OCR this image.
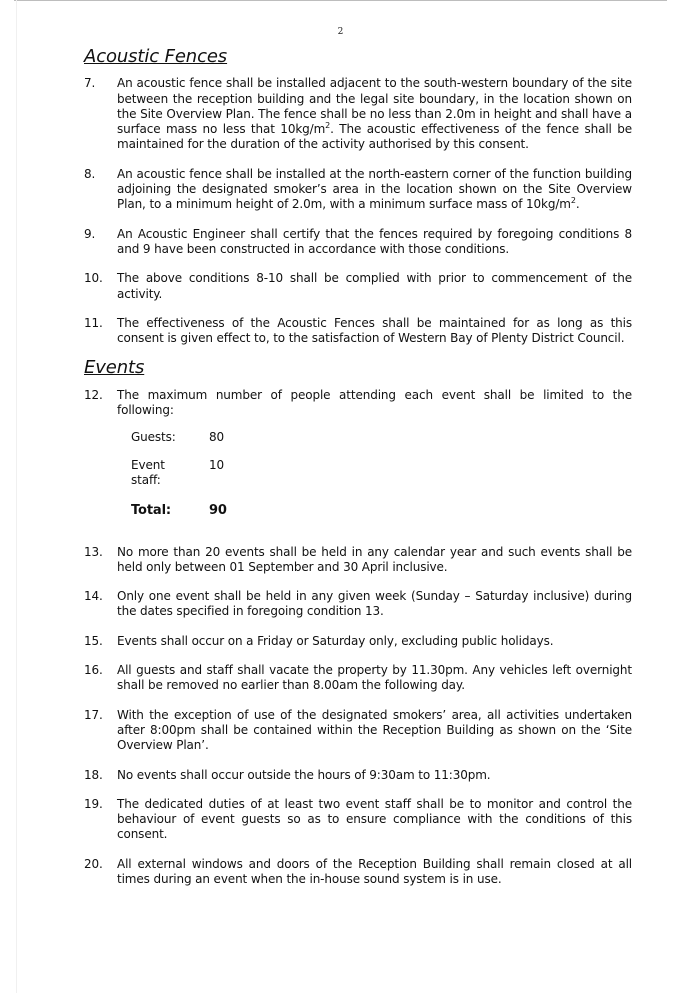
2
Acoustic Fences
7.	An acoustic fence shall be installed adjacent to the south-western boundary of the site between the reception building and the legal site boundary, in the location shown on the Site Overview Plan. The fence shall be no less than 2.0m in height and shall have a surface mass no less that $10kg/m^2$. The acoustic effectiveness of the fence shall be maintained for the duration of the activity authorised by this consent.
8.	An acoustic fence shall be installed at the north-eastern corner of the function building adjoining the designated smoker’s area in the location shown on the Site Overview Plan, to a minimum height of 2.0m, with a minimum surface mass of $10kg/m^2$.
9.	An Acoustic Engineer shall certify that the fences required by foregoing conditions 8 and 9 have been constructed in accordance with those conditions.
10.	The above conditions 8-10 shall be complied with prior to commencement of the activity.
11.	The effectiveness of the Acoustic Fences shall be maintained for as long as this consent is given effect to, to the satisfaction of Western Bay of Plenty District Council.
Events
12.	The maximum number of people attending each event shall be limited to the following:
Guests:	80
Event staff:	10
Total:	90
13.	No more than 20 events shall be held in any calendar year and such events shall be held only between 01 September and 30 April inclusive.
14.	Only one event shall be held in any given week (Sunday – Saturday inclusive) during the dates specified in foregoing condition 13.
15.	Events shall occur on a Friday or Saturday only, excluding public holidays.
16.	All guests and staff shall vacate the property by 11.30pm. Any vehicles left overnight shall be removed no earlier than 8.00am the following day.
17.	With the exception of use of the designated smokers’ area, all activities undertaken after 8:00pm shall be contained within the Reception Building as shown on the ‘Site Overview Plan’.
18.	No events shall occur outside the hours of 9:30am to 11:30pm.
19.	The dedicated duties of at least two event staff shall be to monitor and control the behaviour of event guests so as to ensure compliance with the conditions of this consent.
20.	All external windows and doors of the Reception Building shall remain closed at all times during an event when the in-house sound system is in use.
